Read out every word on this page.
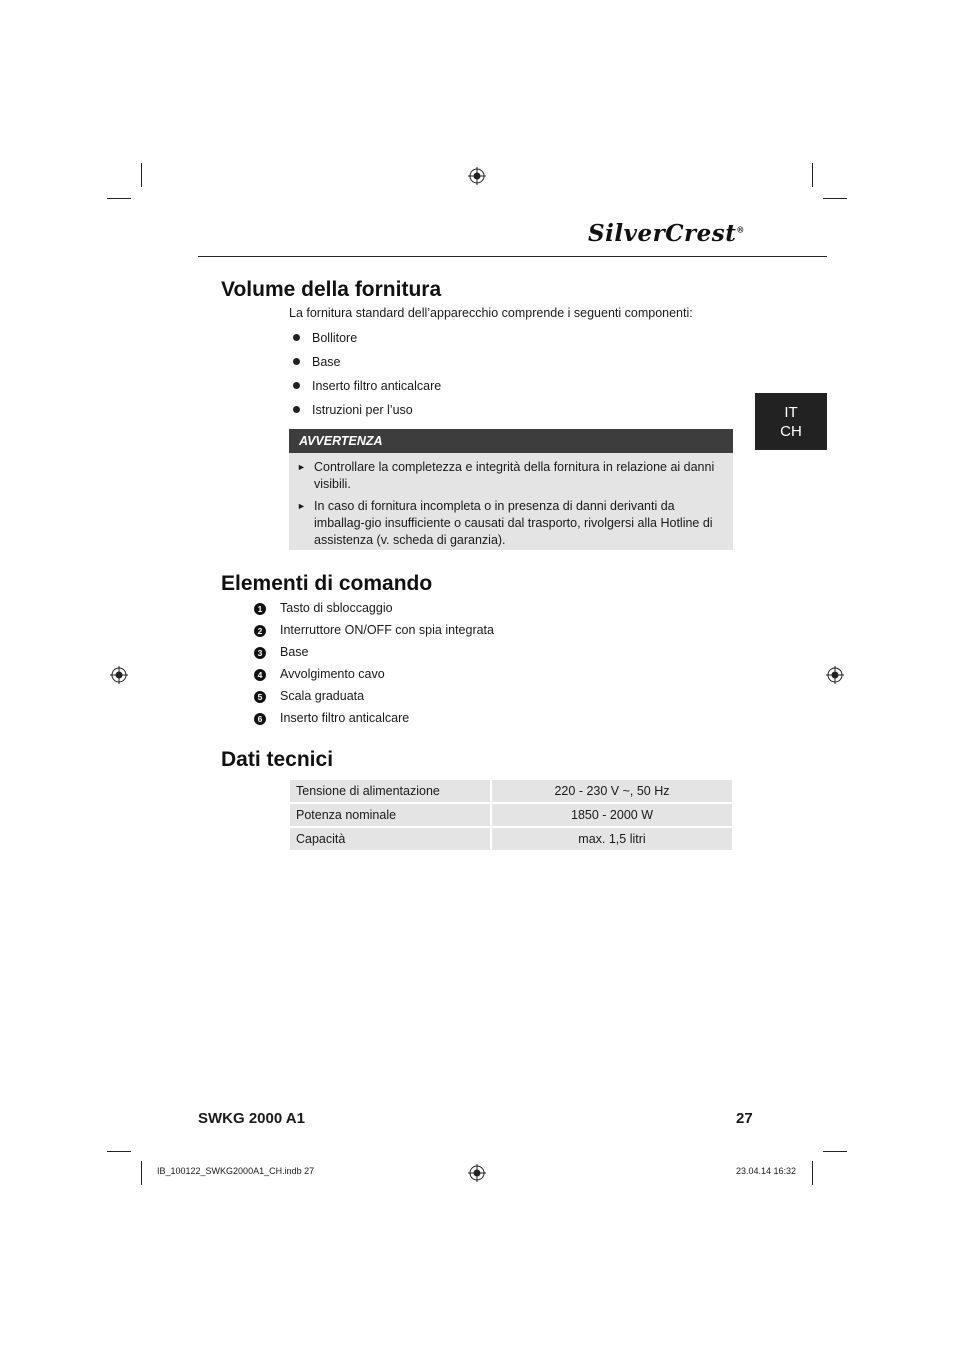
SilverCrest®
IT
CH
Volume della fornitura
La fornitura standard dell’apparecchio comprende i seguenti componenti:
Bollitore
Base
Inserto filtro anticalcare
Istruzioni per l’uso
AVVERTENZA
► Controllare la completezza e integrità della fornitura in relazione ai danni visibili.
► In caso di fornitura incompleta o in presenza di danni derivanti da imballag-gio insufficiente o causati dal trasporto, rivolgersi alla Hotline di assistenza (v. scheda di garanzia).
Elementi di comando
1 Tasto di sbloccaggio
2 Interruttore ON/OFF con spia integrata
3 Base
4 Avvolgimento cavo
5 Scala graduata
6 Inserto filtro anticalcare
Dati tecnici
Tensione di alimentazione	220 - 230 V ~, 50 Hz
Potenza nominale	1850 - 2000 W
Capacità	max. 1,5 litri
SWKG 2000 A1	27
IB_100122_SWKG2000A1_CH.indb 27	23.04.14 16:32
